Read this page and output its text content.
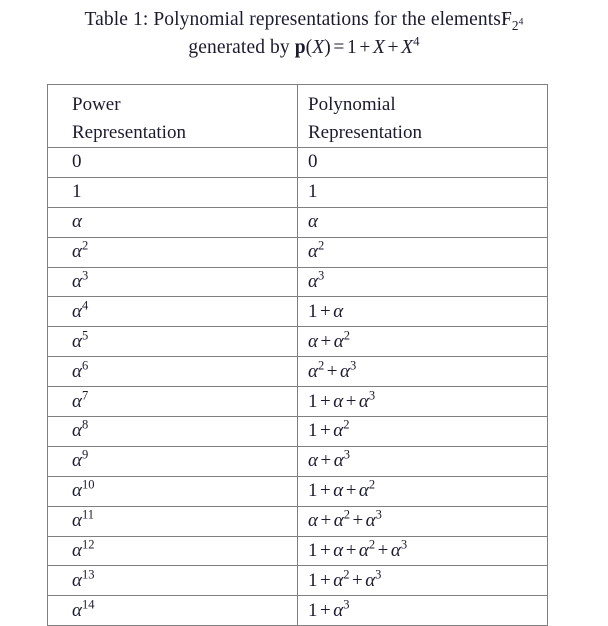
Table 1: Polynomial representations for the elementsF $F_{2^4}$
generated by $p(X) = 1 + X + X^4$
Power
Representation	Polynomial
Representation

0	0
1	1
α	α
$\alpha^2$	$\alpha^2$
$\alpha^3$	$\alpha^3$
$\alpha^4$	1 + α
$\alpha^5$	$\alpha + \alpha^2$
$\alpha^6$	$\alpha^2 + \alpha^3$
$\alpha^7$	$1 + \alpha + \alpha^3$
$\alpha^8$	$1 + \alpha^2$
$\alpha^9$	$\alpha + \alpha^3$
$\alpha^{10}$	$1 + \alpha + \alpha^2$
$\alpha^{11}$	$\alpha + \alpha^2 + \alpha^3$
$\alpha^{12}$	$1 + \alpha + \alpha^2 + \alpha^3$
$\alpha^{13}$	$1 + \alpha^2 + \alpha^3$
$\alpha^{14}$	$1 + \alpha^3$
